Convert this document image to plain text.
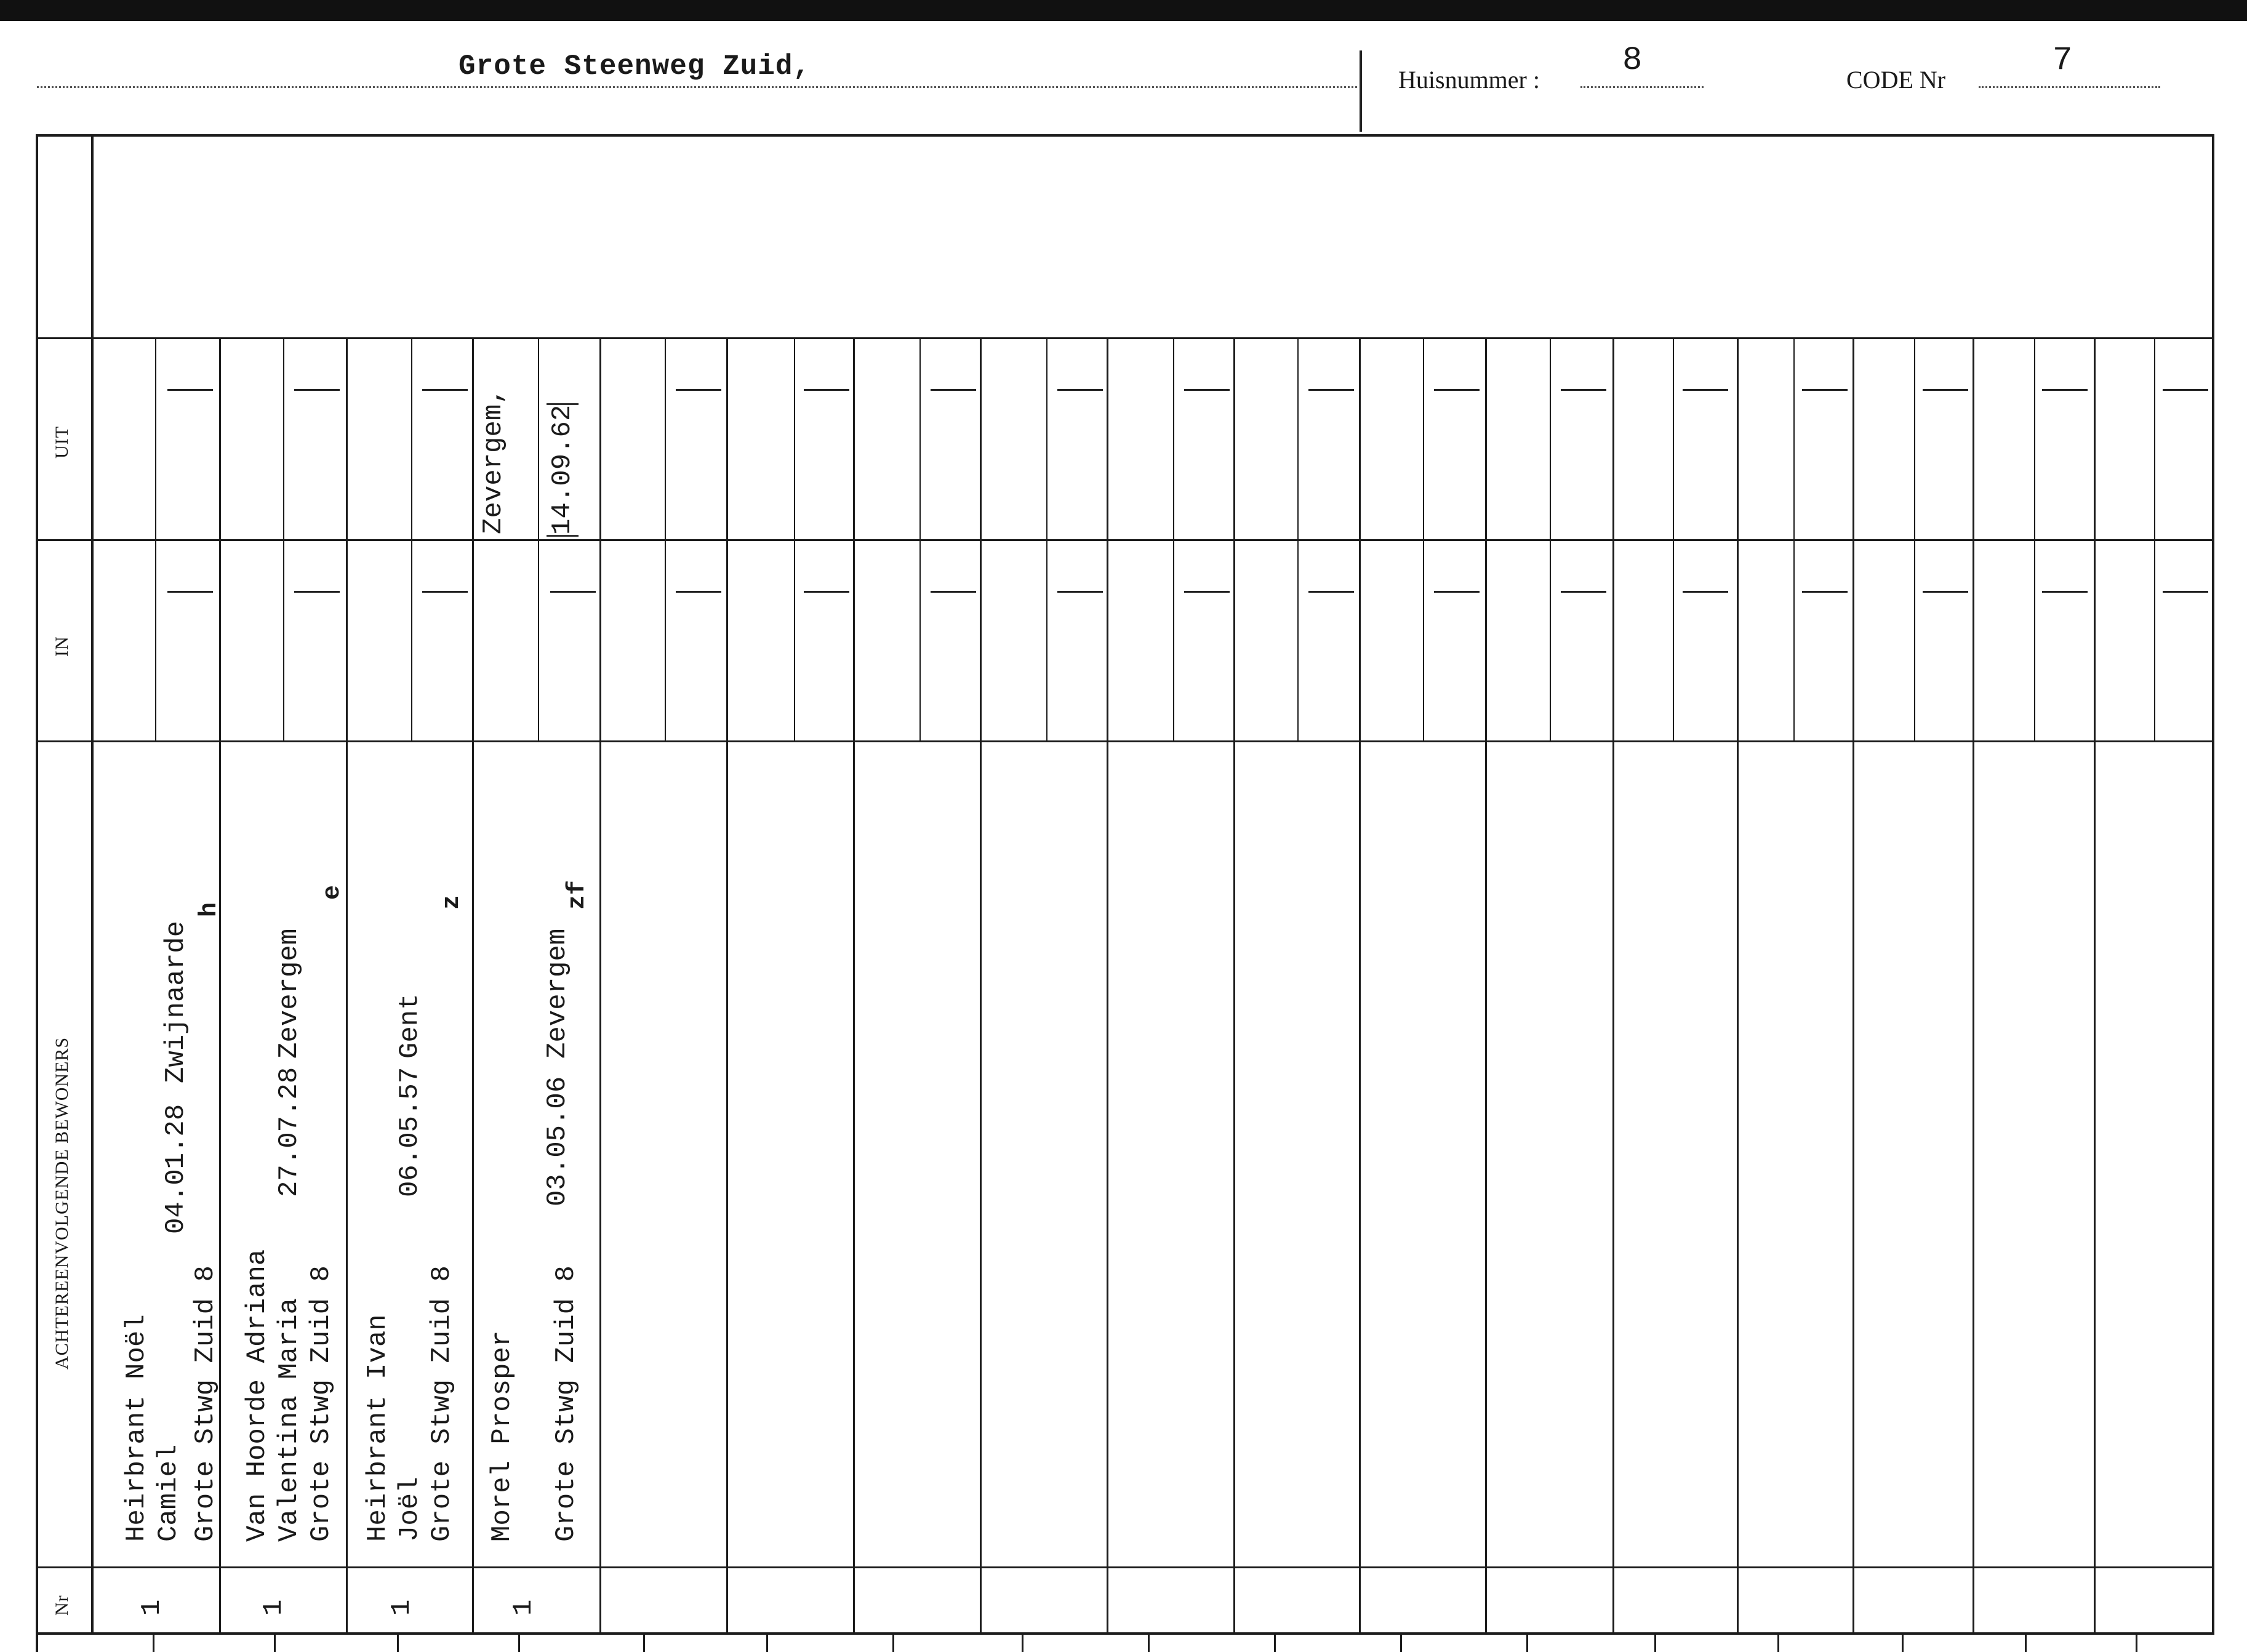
Grote Steenweg Zuid,	Huisnummer :
8
CODE Nr
7
UIT
IN
ACHTEREENVOLGENDE BEWONERS
Nr
Zevergem, 14.09.62
Heirbrant Noël Camiel
04.01.28
Zwijnaarde
Grote Stwg Zuid 8
h
1
Van Hoorde Adriana Valentina Maria
27.07.28
Zevergem
Grote Stwg Zuid 8
e
1
Heirbrant Ivan Joël
06.05.57
Gent
Grote Stwg Zuid 8
z
1
Morel Prosper
03.05.06
Zevergem
Grote Stwg Zuid 8
zf
1
